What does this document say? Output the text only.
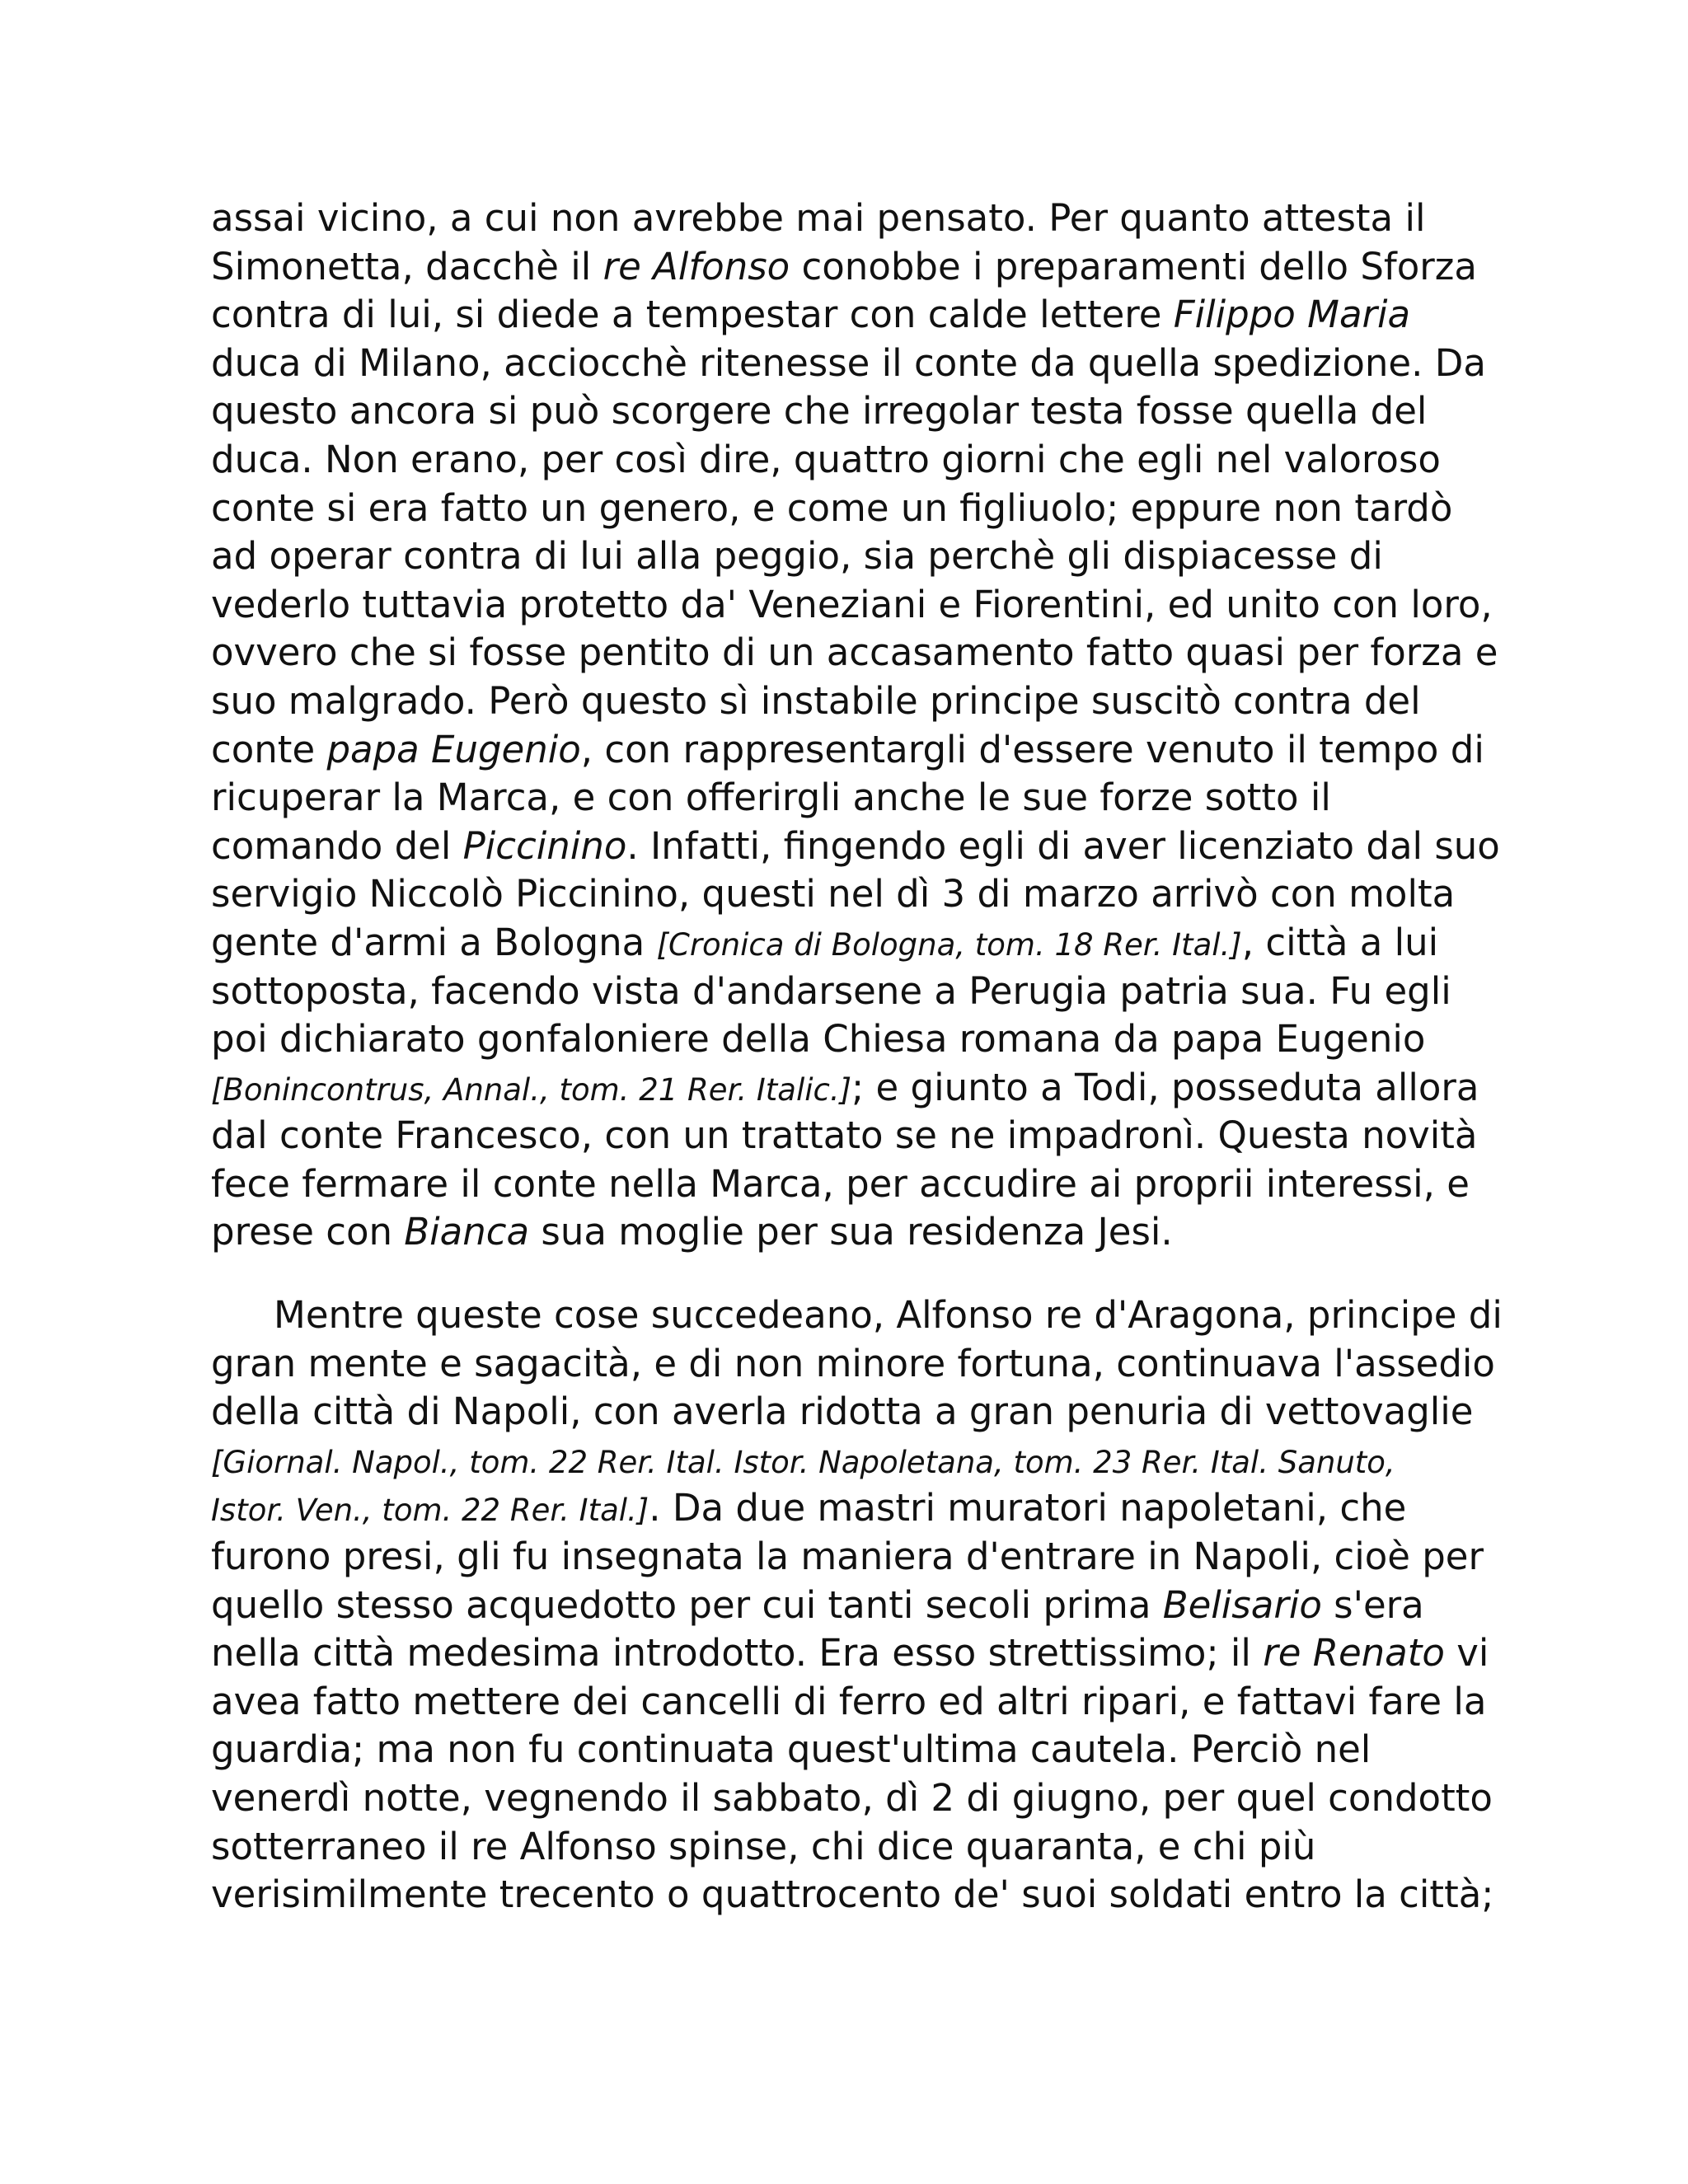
assai vicino, a cui non avrebbe mai pensato. Per quanto attesta il
Simonetta, dacchè il re Alfonso conobbe i preparamenti dello Sforza
contra di lui, si diede a tempestar con calde lettere Filippo Maria
duca di Milano, acciocchè ritenesse il conte da quella spedizione. Da
questo ancora si può scorgere che irregolar testa fosse quella del
duca. Non erano, per così dire, quattro giorni che egli nel valoroso
conte si era fatto un genero, e come un figliuolo; eppure non tardò
ad operar contra di lui alla peggio, sia perchè gli dispiacesse di
vederlo tuttavia protetto da' Veneziani e Fiorentini, ed unito con loro,
ovvero che si fosse pentito di un accasamento fatto quasi per forza e
suo malgrado. Però questo sì instabile principe suscitò contra del
conte papa Eugenio, con rappresentargli d'essere venuto il tempo di
ricuperar la Marca, e con offerirgli anche le sue forze sotto il
comando del Piccinino. Infatti, fingendo egli di aver licenziato dal suo
servigio Niccolò Piccinino, questi nel dì 3 di marzo arrivò con molta
gente d'armi a Bologna [Cronica di Bologna, tom. 18 Rer. Ital.], città a lui
sottoposta, facendo vista d'andarsene a Perugia patria sua. Fu egli
poi dichiarato gonfaloniere della Chiesa romana da papa Eugenio
[Bonincontrus, Annal., tom. 21 Rer. Italic.]; e giunto a Todi, posseduta allora
dal conte Francesco, con un trattato se ne impadronì. Questa novità
fece fermare il conte nella Marca, per accudire ai proprii interessi, e
prese con Bianca sua moglie per sua residenza Jesi.
Mentre queste cose succedeano, Alfonso re d'Aragona, principe di
gran mente e sagacità, e di non minore fortuna, continuava l'assedio
della città di Napoli, con averla ridotta a gran penuria di vettovaglie
[Giornal. Napol., tom. 22 Rer. Ital. Istor. Napoletana, tom. 23 Rer. Ital. Sanuto,
Istor. Ven., tom. 22 Rer. Ital.]. Da due mastri muratori napoletani, che
furono presi, gli fu insegnata la maniera d'entrare in Napoli, cioè per
quello stesso acquedotto per cui tanti secoli prima Belisario s'era
nella città medesima introdotto. Era esso strettissimo; il re Renato vi
avea fatto mettere dei cancelli di ferro ed altri ripari, e fattavi fare la
guardia; ma non fu continuata quest'ultima cautela. Perciò nel
venerdì notte, vegnendo il sabbato, dì 2 di giugno, per quel condotto
sotterraneo il re Alfonso spinse, chi dice quaranta, e chi più
verisimilmente trecento o quattrocento de' suoi soldati entro la città;
